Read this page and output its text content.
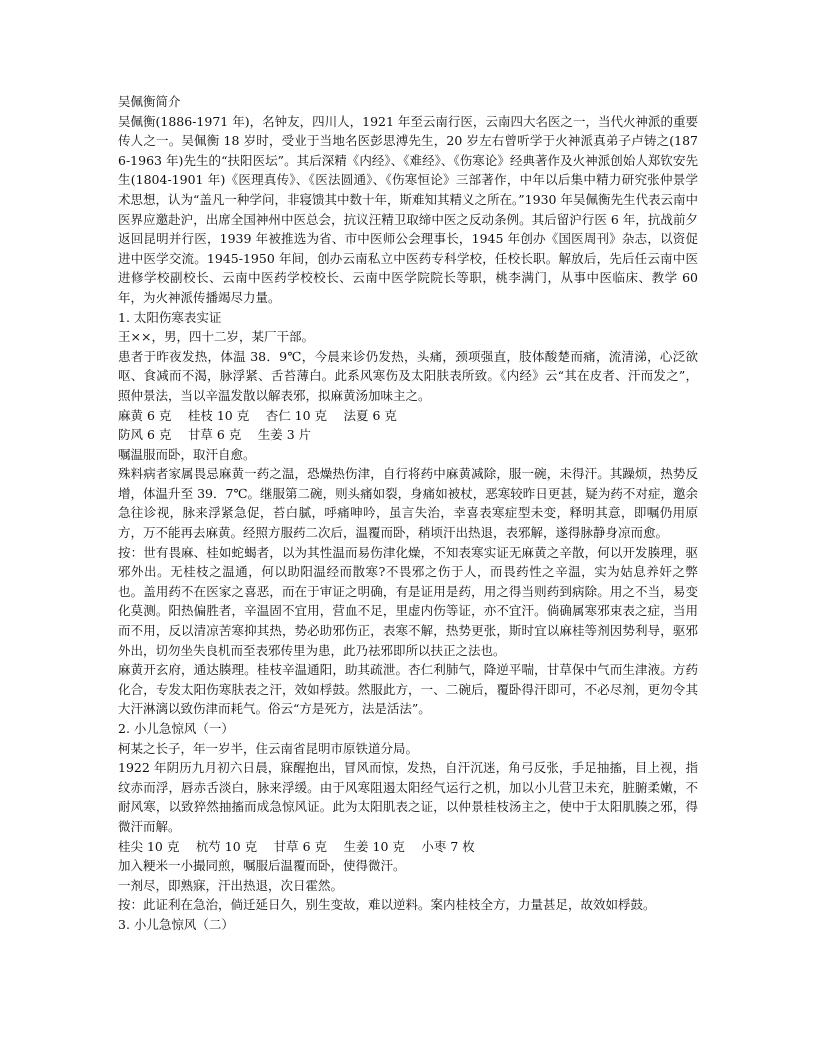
吴佩衡简介

吴佩衡(1886-1971 年)，名钟友，四川人，1921 年至云南行医，云南四大名医之一，当代火神派的重要传人之一。吴佩衡 18 岁时，受业于当地名医彭思溥先生，20 岁左右曾听学于火神派真弟子卢铸之(1876-1963 年)先生的“扶阳医坛”。其后深精《内经》、《难经》、《伤寒论》经典著作及火神派创始人郑钦安先生(1804-1901 年)《医理真传》、《医法圆通》、《伤寒恒论》三部著作，中年以后集中精力研究张仲景学术思想，认为“盖凡一种学问，非寝馈其中数十年，斯难知其精义之所在。”1930 年吴佩衡先生代表云南中医界应邀赴沪，出席全国神州中医总会，抗议汪精卫取缔中医之反动条例。其后留沪行医 6 年，抗战前夕返回昆明并行医，1939 年被推选为省、市中医师公会理事长，1945 年创办《国医周刊》杂志，以资促进中医学交流。1945-1950 年间，创办云南私立中医药专科学校，任校长职。解放后，先后任云南中医进修学校副校长、云南中医药学校校长、云南中医学院院长等职，桃李满门，从事中医临床、教学 60 年，为火神派传播竭尽力量。

1. 太阳伤寒表实证

王××，男，四十二岁，某厂干部。

患者于昨夜发热，体温 38．9℃，今晨来诊仍发热，头痛，颈项强直，肢体酸楚而痛，流清涕，心泛欲呕、食减而不渴，脉浮紧、舌苔薄白。此系风寒伤及太阳肤表所致。《内经》云“其在皮者、汗而发之”，照仲景法，当以辛温发散以解表邪，拟麻黄汤加味主之。

麻黄 6 克　 桂枝 10 克　 杏仁 10 克　 法夏 6 克

防风 6 克　 甘草 6 克　 生姜 3 片

嘱温服而卧，取汗自愈。

殊料病者家属畏忌麻黄一药之温，恐燥热伤津，自行将药中麻黄减除，服一碗，未得汗。其躁烦，热势反增，体温升至 39．7℃。继服第二碗，则头痛如裂，身痛如被杖，恶寒较昨日更甚，疑为药不对症，邀余急往诊视，脉来浮紧急促，苔白腻，呼痛呻吟，虽言失治，幸喜表寒症型未变，释明其意，即嘱仍用原方，万不能再去麻黄。经照方服药二次后，温覆而卧，稍顷汗出热退，表邪解，遂得脉静身凉而愈。

按：世有畏麻、桂如蛇蝎者，以为其性温而易伤津化燥，不知表寒实证无麻黄之辛散，何以开发腠理，驱邪外出。无桂枝之温通，何以助阳温经而散寒?不畏邪之伤于人，而畏药性之辛温，实为姑息养奸之弊也。盖用药不在医家之喜恶，而在于审证之明确，有是证用是药，用之得当则药到病除。用之不当，易变化莫测。阳热偏胜者，辛温固不宜用，营血不足，里虚内伤等证，亦不宜汗。倘确属寒邪束表之症，当用而不用，反以清凉苦寒抑其热，势必助邪伤正，表寒不解，热势更张，斯时宜以麻桂等剂因势利导，驱邪外出，切勿坐失良机而至表邪传里为患，此乃祛邪即所以扶正之法也。

麻黄开玄府，通达腠理。桂枝辛温通阳，助其疏泄。杏仁利肺气，降逆平喘，甘草保中气而生津液。方药化合，专发太阳伤寒肤表之汗，效如桴鼓。然服此方，一、二碗后，覆卧得汗即可，不必尽剂，更勿令其大汗淋漓以致伤津而耗气。俗云“方是死方，法是活法”。

2. 小儿急惊风（一）

柯某之长子，年一岁半，住云南省昆明市原铁道分局。

1922 年阴历九月初六日晨，寐醒抱出，冒风而惊，发热，自汗沉迷，角弓反张，手足抽搐，目上视，指纹赤而浮，唇赤舌淡白，脉来浮缓。由于风寒阻遏太阳经气运行之机，加以小儿营卫未充，脏腑柔嫩，不耐风寒，以致猝然抽搐而成急惊风证。此为太阳肌表之证，以仲景桂枝汤主之，使中于太阳肌腠之邪，得微汗而解。

桂尖 10 克　 杭芍 10 克　 甘草 6 克　 生姜 10 克　 小枣 7 枚

加入粳米一小撮同煎，嘱服后温覆而卧，使得微汗。

一剂尽，即熟寐，汗出热退，次日霍然。

按：此证利在急治，倘迁延日久，别生变故，难以逆料。案内桂枝全方，力量甚足，故效如桴鼓。

3. 小儿急惊风（二）
